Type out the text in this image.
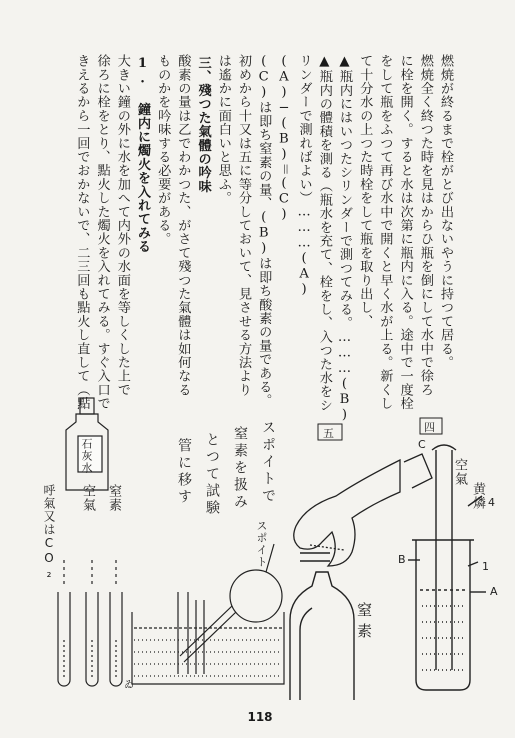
燃焼が終るまで栓がとび出ないやうに持つて居る。
燃焼全く終つた時を見はからひ瓶を倒にして水中で徐ろ
に栓を開く。すると水は次第に瓶内に入る。途中で一度栓
をして瓶をふつて再び水中で開くと早く水が上る。新くし
て十分水の上つた時栓をして瓶を取り出し、
▲瓶内にはいつたシリンダーで測つてみる。………(B)
▲瓶内の體積を測る（瓶水を充て、栓をし、入つた水をシ
リンダーで測ればよい）………(A)
(A)−(B)＝(C)
(C)は即ち窒素の量、(B)は即ち酸素の量である。
初めから十又は五に等分しておいて、見させる方法より
は遙かに面白いと思ふ。
三、殘つた氣體の吟味
酸素の量は乙でわかつた、がさて殘つた氣體は如何なる
ものかを吟味する必要がある。
1. 鐘内に燭火を入れてみる
大きい鐘の外に水を加へて内外の水面を等しくした上で
徐ろに栓をとり、點火した燭火を入れてみる。すぐ入口で
きえるから一回でおかないで、二三回も點火し直して（點
四
五
石灰水	空氣
黄燐
C
4
B
1
A
スポイト
スポイトで
窒素を扱み
とつて試験
管に移す
窒素
呼氣又はCO₂ 空氣 窒素
ゐ
118
